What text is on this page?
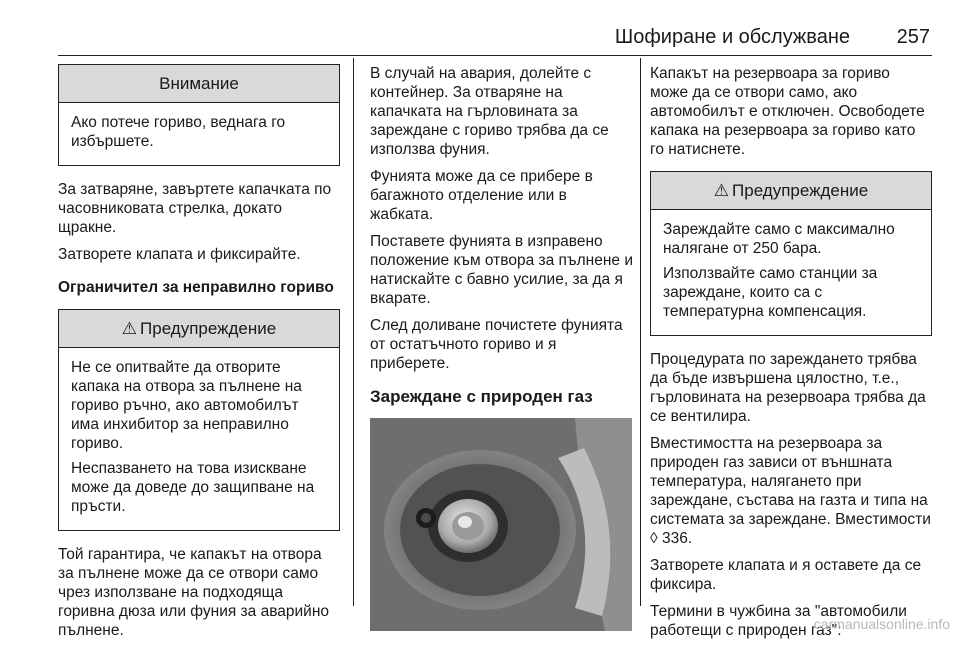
Шофиране и обслужване	257
Внимание

Ако потече гориво, веднага го избършете.

За затваряне, завъртете капачката по часовниковата стрелка, докато щракне.

Затворете клапата и фиксирайте.

Ограничител за неправилно гориво
⚠ Предупреждение

Не се опитвайте да отворите капака на отвора за пълнене на гориво ръчно, ако автомобилът има инхибитор за неправилно гориво.

Неспазването на това изискване може да доведе до защипване на пръсти.

Той гарантира, че капакът на отвора за пълнене може да се отвори само чрез използване на подходяща горивна дюза или фуния за аварийно пълнене.

В случай на авария, долейте с контейнер. За отваряне на капачката на гърловината за зареждане с гориво трябва да се използва фуния.

Фунията може да се прибере в багажното отделение или в жабката.

Поставете фунията в изправено положение към отвора за пълнене и натискайте с бавно усилие, за да я вкарате.

След доливане почистете фунията от остатъчното гориво и я приберете.

Зареждане с природен газ

Капакът на резервоара за гориво може да се отвори само, ако автомобилът е отключен. Освободете капака на резервоара за гориво като го натиснете.

⚠ Предупреждение

Зареждайте само с максимално налягане от 250 бара.

Използвайте само станции за зареждане, които са с температурна компенсация.

Процедурата по зареждането трябва да бъде извършена цялостно, т.е., гърловината на резервоара трябва да се вентилира.

Вместимостта на резервоара за природен газ зависи от външната температура, налягането при зареждане, състава на газта и типа на системата за зареждане. Вместимости ◊ 336.

Затворете клапата и я оставете да се фиксира.

Термини в чужбина за "автомобили работещи с природен газ":

carmanualsonline.info
